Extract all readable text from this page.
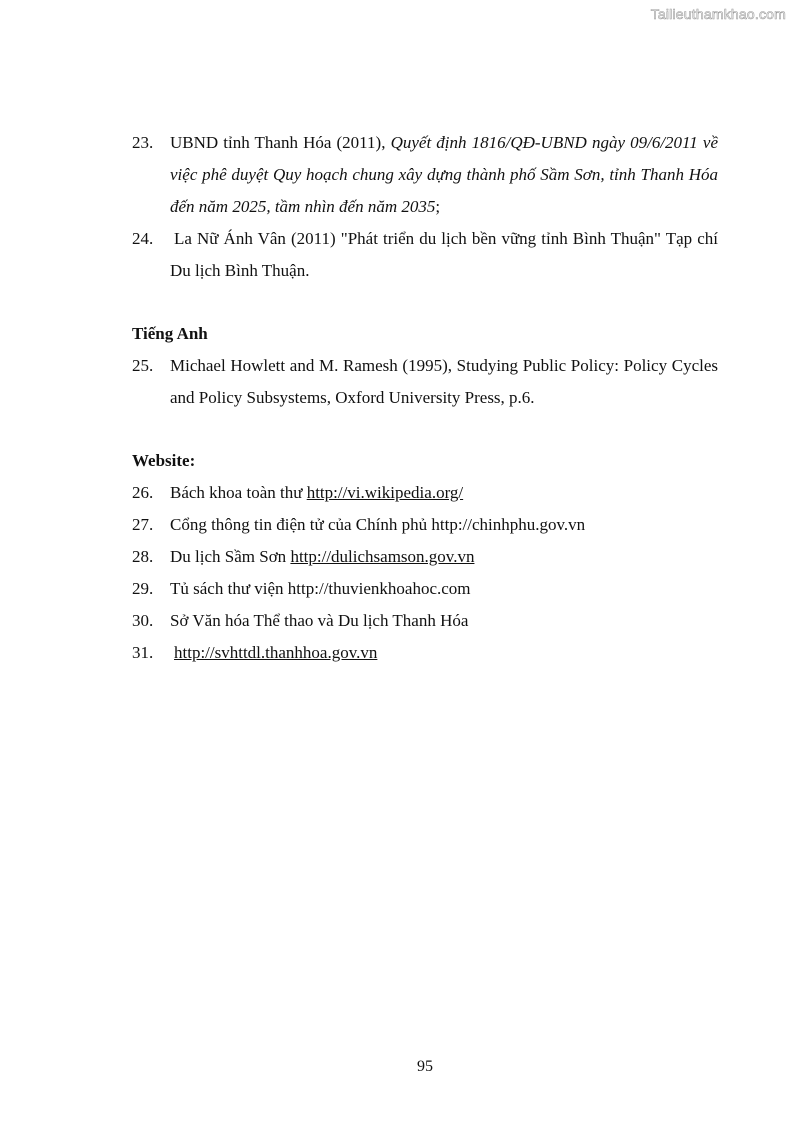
Tailieuthamkhao.com
23. UBND tỉnh Thanh Hóa (2011), Quyết định 1816/QĐ-UBND ngày 09/6/2011 về việc phê duyệt Quy hoạch chung xây dựng thành phố Sầm Sơn, tỉnh Thanh Hóa đến năm 2025, tầm nhìn đến năm 2035;
24. La Nữ Ánh Vân (2011) "Phát triển du lịch bền vững tỉnh Bình Thuận" Tạp chí Du lịch Bình Thuận.
Tiếng Anh
25. Michael Howlett and M. Ramesh (1995), Studying Public Policy: Policy Cycles and Policy Subsystems, Oxford University Press, p.6.
Website:
26. Bách khoa toàn thư http://vi.wikipedia.org/
27. Cổng thông tin điện tử của Chính phủ http://chinhphu.gov.vn
28. Du lịch Sầm Sơn http://dulichsamson.gov.vn
29. Tủ sách thư viện http://thuvienkhoahoc.com
30. Sở Văn hóa Thể thao và Du lịch Thanh Hóa
31. http://svhttdl.thanhhoa.gov.vn
95
